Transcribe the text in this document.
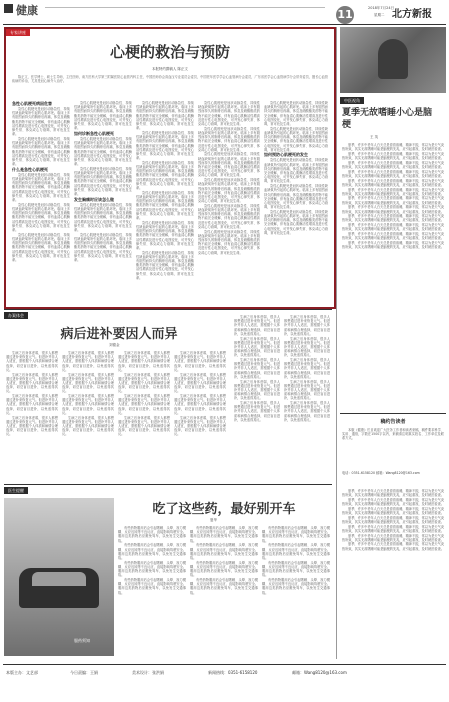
健康	11	2018年7月24日
星期二 北方新报
专家讲座
心梗的救治与预防
本报特约撰稿人 陈正文

陈正文，医学博士，硕士生导师，主任医师，南方医科大学第三附属医院心血管内科主任，中国医师协会高血压专业委员会委员，中国老年医学学会心血管病分会委员，广东省医学会心血管病学分会常务委员，擅长心血管疾病的诊治，尤其是冠心病介入治疗。

急性心肌梗死病因危害

急性心肌梗死是冠状动脉急性、持续性缺血缺氧所引起的心肌坏死。临床上多有剧烈而持久的胸骨后疼痛，休息及硝酸酯类药物不能完全缓解，伴有血清心肌酶活性增高及进行性心电图变化，可并发心律失常、休克或心力衰竭，常可危及生命。

急性心肌梗死是冠状动脉急性、持续性缺血缺氧所引起的心肌坏死。临床上多有剧烈而持久的胸骨后疼痛，休息及硝酸酯类药物不能完全缓解，伴有血清心肌酶活性增高及进行性心电图变化，可并发心律失常、休克或心力衰竭，常可危及生命。

什么是急性心肌梗死

急性心肌梗死是冠状动脉急性、持续性缺血缺氧所引起的心肌坏死。临床上多有剧烈而持久的胸骨后疼痛，休息及硝酸酯类药物不能完全缓解，伴有血清心肌酶活性增高及进行性心电图变化，可并发心律失常、休克或心力衰竭，常可危及生命。

急性心肌梗死是冠状动脉急性、持续性缺血缺氧所引起的心肌坏死。临床上多有剧烈而持久的胸骨后疼痛，休息及硝酸酯类药物不能完全缓解，伴有血清心肌酶活性增高及进行性心电图变化，可并发心律失常、休克或心力衰竭，常可危及生命。

急性心肌梗死是冠状动脉急性、持续性缺血缺氧所引起的心肌坏死。临床上多有剧烈而持久的胸骨后疼痛，休息及硝酸酯类药物不能完全缓解，伴有血清心肌酶活性增高及进行性心电图变化，可并发心律失常、休克或心力衰竭，常可危及生命。

急性心肌梗死是冠状动脉急性、持续性缺血缺氧所引起的心肌坏死。临床上多有剧烈而持久的胸骨后疼痛，休息及硝酸酯类药物不能完全缓解，伴有血清心肌酶活性增高及进行性心电图变化，可并发心律失常、休克或心力衰竭，常可危及生命。

如何诊断急性心肌梗死

急性心肌梗死是冠状动脉急性、持续性缺血缺氧所引起的心肌坏死。临床上多有剧烈而持久的胸骨后疼痛，休息及硝酸酯类药物不能完全缓解，伴有血清心肌酶活性增高及进行性心电图变化，可并发心律失常、休克或心力衰竭，常可危及生命。

急性心肌梗死是冠状动脉急性、持续性缺血缺氧所引起的心肌坏死。临床上多有剧烈而持久的胸骨后疼痛，休息及硝酸酯类药物不能完全缓解，伴有血清心肌酶活性增高及进行性心电图变化，可并发心律失常、休克或心力衰竭，常可危及生命。

发生胸痛时应该怎么做

急性心肌梗死是冠状动脉急性、持续性缺血缺氧所引起的心肌坏死。临床上多有剧烈而持久的胸骨后疼痛，休息及硝酸酯类药物不能完全缓解，伴有血清心肌酶活性增高及进行性心电图变化，可并发心律失常、休克或心力衰竭，常可危及生命。

急性心肌梗死是冠状动脉急性、持续性缺血缺氧所引起的心肌坏死。临床上多有剧烈而持久的胸骨后疼痛，休息及硝酸酯类药物不能完全缓解，伴有血清心肌酶活性增高及进行性心电图变化，可并发心律失常、休克或心力衰竭，常可危及生命。

急性心肌梗死是冠状动脉急性、持续性缺血缺氧所引起的心肌坏死。临床上多有剧烈而持久的胸骨后疼痛，休息及硝酸酯类药物不能完全缓解，伴有血清心肌酶活性增高及进行性心电图变化，可并发心律失常、休克或心力衰竭，常可危及生命。

急性心肌梗死是冠状动脉急性、持续性缺血缺氧所引起的心肌坏死。临床上多有剧烈而持久的胸骨后疼痛，休息及硝酸酯类药物不能完全缓解，伴有血清心肌酶活性增高及进行性心电图变化，可并发心律失常、休克或心力衰竭，常可危及生命。

急性心肌梗死是冠状动脉急性、持续性缺血缺氧所引起的心肌坏死。临床上多有剧烈而持久的胸骨后疼痛，休息及硝酸酯类药物不能完全缓解，伴有血清心肌酶活性增高及进行性心电图变化，可并发心律失常、休克或心力衰竭，常可危及生命。

急性心肌梗死是冠状动脉急性、持续性缺血缺氧所引起的心肌坏死。临床上多有剧烈而持久的胸骨后疼痛，休息及硝酸酯类药物不能完全缓解，伴有血清心肌酶活性增高及进行性心电图变化，可并发心律失常、休克或心力衰竭，常可危及生命。

急性心肌梗死是冠状动脉急性、持续性缺血缺氧所引起的心肌坏死。临床上多有剧烈而持久的胸骨后疼痛，休息及硝酸酯类药物不能完全缓解，伴有血清心肌酶活性增高及进行性心电图变化，可并发心律失常、休克或心力衰竭，常可危及生命。

急性心肌梗死是冠状动脉急性、持续性缺血缺氧所引起的心肌坏死。临床上多有剧烈而持久的胸骨后疼痛，休息及硝酸酯类药物不能完全缓解，伴有血清心肌酶活性增高及进行性心电图变化，可并发心律失常、休克或心力衰竭，常可危及生命。

急性心肌梗死是冠状动脉急性、持续性缺血缺氧所引起的心肌坏死。临床上多有剧烈而持久的胸骨后疼痛，休息及硝酸酯类药物不能完全缓解，伴有血清心肌酶活性增高及进行性心电图变化，可并发心律失常、休克或心力衰竭，常可危及生命。

急性心肌梗死是冠状动脉急性、持续性缺血缺氧所引起的心肌坏死。临床上多有剧烈而持久的胸骨后疼痛，休息及硝酸酯类药物不能完全缓解，伴有血清心肌酶活性增高及进行性心电图变化，可并发心律失常、休克或心力衰竭，常可危及生命。

急性心肌梗死是冠状动脉急性、持续性缺血缺氧所引起的心肌坏死。临床上多有剧烈而持久的胸骨后疼痛，休息及硝酸酯类药物不能完全缓解，伴有血清心肌酶活性增高及进行性心电图变化，可并发心律失常、休克或心力衰竭，常可危及生命。

急性心肌梗死是冠状动脉急性、持续性缺血缺氧所引起的心肌坏死。临床上多有剧烈而持久的胸骨后疼痛，休息及硝酸酯类药物不能完全缓解，伴有血清心肌酶活性增高及进行性心电图变化，可并发心律失常、休克或心力衰竭，常可危及生命。

急性心肌梗死是冠状动脉急性、持续性缺血缺氧所引起的心肌坏死。临床上多有剧烈而持久的胸骨后疼痛，休息及硝酸酯类药物不能完全缓解，伴有血清心肌酶活性增高及进行性心电图变化，可并发心律失常、休克或心力衰竭，常可危及生命。

急性心肌梗死是冠状动脉急性、持续性缺血缺氧所引起的心肌坏死。临床上多有剧烈而持久的胸骨后疼痛，休息及硝酸酯类药物不能完全缓解，伴有血清心肌酶活性增高及进行性心电图变化，可并发心律失常、休克或心力衰竭，常可危及生命。

急性心肌梗死是冠状动脉急性、持续性缺血缺氧所引起的心肌坏死。临床上多有剧烈而持久的胸骨后疼痛，休息及硝酸酯类药物不能完全缓解，伴有血清心肌酶活性增高及进行性心电图变化，可并发心律失常、休克或心力衰竭，常可危及生命。

急性心肌梗死是冠状动脉急性、持续性缺血缺氧所引起的心肌坏死。临床上多有剧烈而持久的胸骨后疼痛，休息及硝酸酯类药物不能完全缓解，伴有血清心肌酶活性增高及进行性心电图变化，可并发心律失常、休克或心力衰竭，常可危及生命。

如何预防心肌梗死的发生

急性心肌梗死是冠状动脉急性、持续性缺血缺氧所引起的心肌坏死。临床上多有剧烈而持久的胸骨后疼痛，休息及硝酸酯类药物不能完全缓解，伴有血清心肌酶活性增高及进行性心电图变化，可并发心律失常、休克或心力衰竭，常可危及生命。

急性心肌梗死是冠状动脉急性、持续性缺血缺氧所引起的心肌坏死。临床上多有剧烈而持久的胸骨后疼痛，休息及硝酸酯类药物不能完全缓解，伴有血清心肌酶活性增高及进行性心电图变化，可并发心律失常、休克或心力衰竭，常可危及生命。

急性心肌梗死是冠状动脉急性、持续性缺血缺氧所引起的心肌坏死。临床上多有剧烈而持久的胸骨后疼痛，休息及硝酸酯类药物不能完全缓解，伴有血清心肌酶活性增高及进行性心电图变化，可并发心律失常、休克或心力衰竭，常可危及生命。

中医视角
夏季无故嗜睡小心是脑梗
王 英

夏季，许多中老年人白天总是昏昏欲睡，精神不振，常以为是天气炎热所致，其实无故嗜睡可能是脑梗的先兆，应引起重视，及时就医检查。

夏季，许多中老年人白天总是昏昏欲睡，精神不振，常以为是天气炎热所致，其实无故嗜睡可能是脑梗的先兆，应引起重视，及时就医检查。

夏季，许多中老年人白天总是昏昏欲睡，精神不振，常以为是天气炎热所致，其实无故嗜睡可能是脑梗的先兆，应引起重视，及时就医检查。

夏季，许多中老年人白天总是昏昏欲睡，精神不振，常以为是天气炎热所致，其实无故嗜睡可能是脑梗的先兆，应引起重视，及时就医检查。

夏季，许多中老年人白天总是昏昏欲睡，精神不振，常以为是天气炎热所致，其实无故嗜睡可能是脑梗的先兆，应引起重视，及时就医检查。

夏季，许多中老年人白天总是昏昏欲睡，精神不振，常以为是天气炎热所致，其实无故嗜睡可能是脑梗的先兆，应引起重视，及时就医检查。

夏季，许多中老年人白天总是昏昏欲睡，精神不振，常以为是天气炎热所致，其实无故嗜睡可能是脑梗的先兆，应引起重视，及时就医检查。

夏季，许多中老年人白天总是昏昏欲睡，精神不振，常以为是天气炎热所致，其实无故嗜睡可能是脑梗的先兆，应引起重视，及时就医检查。

夏季，许多中老年人白天总是昏昏欲睡，精神不振，常以为是天气炎热所致，其实无故嗜睡可能是脑梗的先兆，应引起重视，及时就医检查。

夏季，许多中老年人白天总是昏昏欲睡，精神不振，常以为是天气炎热所致，其实无故嗜睡可能是脑梗的先兆，应引起重视，及时就医检查。

夏季，许多中老年人白天总是昏昏欲睡，精神不振，常以为是天气炎热所致，其实无故嗜睡可能是脑梗的先兆，应引起重视，及时就医检查。

夏季，许多中老年人白天总是昏昏欲睡，精神不振，常以为是天气炎热所致，其实无故嗜睡可能是脑梗的先兆，应引起重视，及时就医检查。

稿约告读者

本版《健康》栏目欢迎广大医务工作者和读者来稿，稿件要求科学、实用、通俗，字数在1500字以内，来稿请注明真实姓名、工作单位及联系方式。

电话：0351-6158120 邮箱：Wang8120@163.com

夏季，许多中老年人白天总是昏昏欲睡，精神不振，常以为是天气炎热所致，其实无故嗜睡可能是脑梗的先兆，应引起重视，及时就医检查。

夏季，许多中老年人白天总是昏昏欲睡，精神不振，常以为是天气炎热所致，其实无故嗜睡可能是脑梗的先兆，应引起重视，及时就医检查。

夏季，许多中老年人白天总是昏昏欲睡，精神不振，常以为是天气炎热所致，其实无故嗜睡可能是脑梗的先兆，应引起重视，及时就医检查。

夏季，许多中老年人白天总是昏昏欲睡，精神不振，常以为是天气炎热所致，其实无故嗜睡可能是脑梗的先兆，应引起重视，及时就医检查。

夏季，许多中老年人白天总是昏昏欲睡，精神不振，常以为是天气炎热所致，其实无故嗜睡可能是脑梗的先兆，应引起重视，及时就医检查。

夏季，许多中老年人白天总是昏昏欲睡，精神不振，常以为是天气炎热所致，其实无故嗜睡可能是脑梗的先兆，应引起重视，及时就医检查。

夏季，许多中老年人白天总是昏昏欲睡，精神不振，常以为是天气炎热所致，其实无故嗜睡可能是脑梗的先兆，应引起重视，及时就医检查。

办案体会
病后进补要因人而异
刘德金

生病之后身体虚弱，很多人都想通过进补来恢复元气。但进补并非人人适宜，需根据个人体质和病情合理选择，切忌盲目进补，以免适得其反。

生病之后身体虚弱，很多人都想通过进补来恢复元气。但进补并非人人适宜，需根据个人体质和病情合理选择，切忌盲目进补，以免适得其反。

生病之后身体虚弱，很多人都想通过进补来恢复元气。但进补并非人人适宜，需根据个人体质和病情合理选择，切忌盲目进补，以免适得其反。

生病之后身体虚弱，很多人都想通过进补来恢复元气。但进补并非人人适宜，需根据个人体质和病情合理选择，切忌盲目进补，以免适得其反。

生病之后身体虚弱，很多人都想通过进补来恢复元气。但进补并非人人适宜，需根据个人体质和病情合理选择，切忌盲目进补，以免适得其反。

生病之后身体虚弱，很多人都想通过进补来恢复元气。但进补并非人人适宜，需根据个人体质和病情合理选择，切忌盲目进补，以免适得其反。

生病之后身体虚弱，很多人都想通过进补来恢复元气。但进补并非人人适宜，需根据个人体质和病情合理选择，切忌盲目进补，以免适得其反。

生病之后身体虚弱，很多人都想通过进补来恢复元气。但进补并非人人适宜，需根据个人体质和病情合理选择，切忌盲目进补，以免适得其反。

生病之后身体虚弱，很多人都想通过进补来恢复元气。但进补并非人人适宜，需根据个人体质和病情合理选择，切忌盲目进补，以免适得其反。

生病之后身体虚弱，很多人都想通过进补来恢复元气。但进补并非人人适宜，需根据个人体质和病情合理选择，切忌盲目进补，以免适得其反。

生病之后身体虚弱，很多人都想通过进补来恢复元气。但进补并非人人适宜，需根据个人体质和病情合理选择，切忌盲目进补，以免适得其反。

生病之后身体虚弱，很多人都想通过进补来恢复元气。但进补并非人人适宜，需根据个人体质和病情合理选择，切忌盲目进补，以免适得其反。

生病之后身体虚弱，很多人都想通过进补来恢复元气。但进补并非人人适宜，需根据个人体质和病情合理选择，切忌盲目进补，以免适得其反。

生病之后身体虚弱，很多人都想通过进补来恢复元气。但进补并非人人适宜，需根据个人体质和病情合理选择，切忌盲目进补，以免适得其反。

生病之后身体虚弱，很多人都想通过进补来恢复元气。但进补并非人人适宜，需根据个人体质和病情合理选择，切忌盲目进补，以免适得其反。

生病之后身体虚弱，很多人都想通过进补来恢复元气。但进补并非人人适宜，需根据个人体质和病情合理选择，切忌盲目进补，以免适得其反。

生病之后身体虚弱，很多人都想通过进补来恢复元气。但进补并非人人适宜，需根据个人体质和病情合理选择，切忌盲目进补，以免适得其反。

生病之后身体虚弱，很多人都想通过进补来恢复元气。但进补并非人人适宜，需根据个人体质和病情合理选择，切忌盲目进补，以免适得其反。

生病之后身体虚弱，很多人都想通过进补来恢复元气。但进补并非人人适宜，需根据个人体质和病情合理选择，切忌盲目进补，以免适得其反。

生病之后身体虚弱，很多人都想通过进补来恢复元气。但进补并非人人适宜，需根据个人体质和病情合理选择，切忌盲目进补，以免适得其反。

生病之后身体虚弱，很多人都想通过进补来恢复元气。但进补并非人人适宜，需根据个人体质和病情合理选择，切忌盲目进补，以免适得其反。

生病之后身体虚弱，很多人都想通过进补来恢复元气。但进补并非人人适宜，需根据个人体质和病情合理选择，切忌盲目进补，以免适得其反。

生病之后身体虚弱，很多人都想通过进补来恢复元气。但进补并非人人适宜，需根据个人体质和病情合理选择，切忌盲目进补，以免适得其反。

生病之后身体虚弱，很多人都想通过进补来恢复元气。但进补并非人人适宜，需根据个人体质和病情合理选择，切忌盲目进补，以免适得其反。

生病之后身体虚弱，很多人都想通过进补来恢复元气。但进补并非人人适宜，需根据个人体质和病情合理选择，切忌盲目进补，以免适得其反。

生病之后身体虚弱，很多人都想通过进补来恢复元气。但进补并非人人适宜，需根据个人体质和病情合理选择，切忌盲目进补，以免适得其反。

医生提醒
服药须知
吃了这些药，最好别开车
夏华

有些药物服用后会引起嗜睡、头晕、视力模糊、反应迟钝等不良反应，直接影响驾驶安全。服用这类药物后应避免驾车，以免发生交通事故。

有些药物服用后会引起嗜睡、头晕、视力模糊、反应迟钝等不良反应，直接影响驾驶安全。服用这类药物后应避免驾车，以免发生交通事故。

有些药物服用后会引起嗜睡、头晕、视力模糊、反应迟钝等不良反应，直接影响驾驶安全。服用这类药物后应避免驾车，以免发生交通事故。

有些药物服用后会引起嗜睡、头晕、视力模糊、反应迟钝等不良反应，直接影响驾驶安全。服用这类药物后应避免驾车，以免发生交通事故。

有些药物服用后会引起嗜睡、头晕、视力模糊、反应迟钝等不良反应，直接影响驾驶安全。服用这类药物后应避免驾车，以免发生交通事故。

有些药物服用后会引起嗜睡、头晕、视力模糊、反应迟钝等不良反应，直接影响驾驶安全。服用这类药物后应避免驾车，以免发生交通事故。

有些药物服用后会引起嗜睡、头晕、视力模糊、反应迟钝等不良反应，直接影响驾驶安全。服用这类药物后应避免驾车，以免发生交通事故。

有些药物服用后会引起嗜睡、头晕、视力模糊、反应迟钝等不良反应，直接影响驾驶安全。服用这类药物后应避免驾车，以免发生交通事故。

有些药物服用后会引起嗜睡、头晕、视力模糊、反应迟钝等不良反应，直接影响驾驶安全。服用这类药物后应避免驾车，以免发生交通事故。

有些药物服用后会引起嗜睡、头晕、视力模糊、反应迟钝等不良反应，直接影响驾驶安全。服用这类药物后应避免驾车，以免发生交通事故。

有些药物服用后会引起嗜睡、头晕、视力模糊、反应迟钝等不良反应，直接影响驾驶安全。服用这类药物后应避免驾车，以免发生交通事故。

有些药物服用后会引起嗜睡、头晕、视力模糊、反应迟钝等不良反应，直接影响驾驶安全。服用这类药物后应避免驾车，以免发生交通事故。

本版主办：文艺部	今日责编：王娟	美术设计：张洪娟	新闻热线：0351-6158120	邮箱：Wang8120@163.com
